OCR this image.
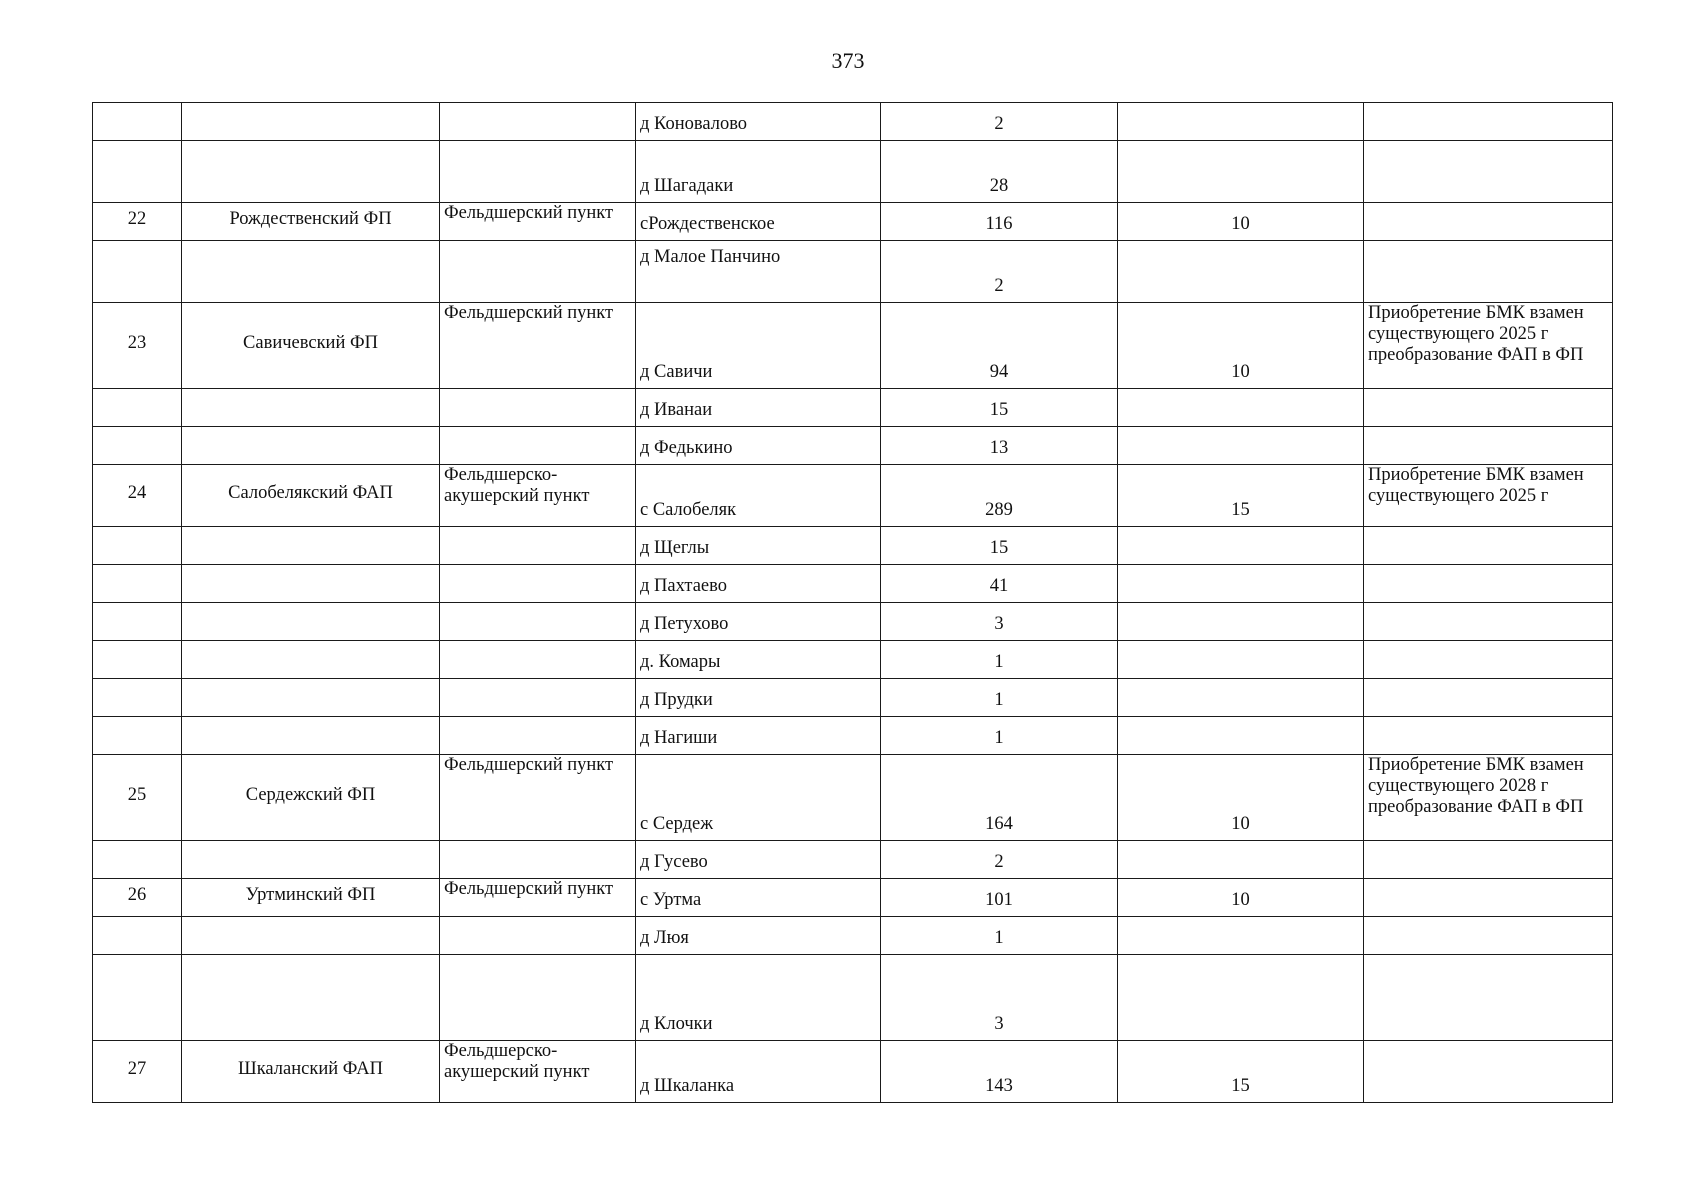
373
			д Коновалово	2		
			д Шагадаки	28		
22	Рождественский ФП	Фельдшерский пункт	сРождественское	116	10	
			д Малое Панчино	2		
23	Савичевский ФП	Фельдшерский пункт	д Савичи	94	10	Приобретение БМК взамен существующего 2025 г преобразование ФАП в ФП
			д Иванаи	15		
			д Федькино	13		
24	Салобелякский ФАП	Фельдшерско-акушерский пункт	с Салобеляк	289	15	Приобретение БМК взамен существующего 2025 г
			д Щеглы	15		
			д Пахтаево	41		
			д Петухово	3		
			д. Комары	1		
			д Прудки	1		
			д Нагиши	1		
25	Сердежский ФП	Фельдшерский пункт	с Сердеж	164	10	Приобретение БМК взамен существующего 2028 г преобразование ФАП в ФП
			д Гусево	2		
26	Уртминский ФП	Фельдшерский пункт	с Уртма	101	10	
			д Люя	1		
			д Клочки	3		
27	Шкаланский ФАП	Фельдшерско-акушерский пункт	д Шкаланка	143	15	
